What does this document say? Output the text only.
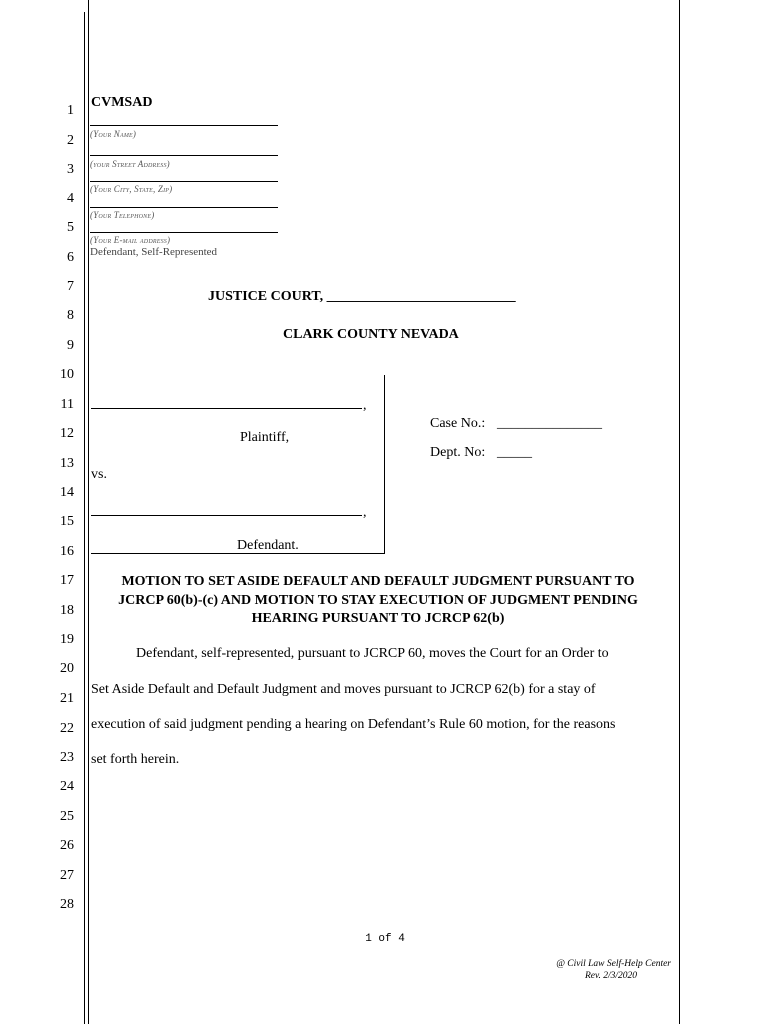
1
2
3
4
5
6
7
8
9
10
11
12
13
14
15
16
17
18
19
20
21
22
23
24
25
26
27
28
CVMSAD
(Your Name)
(your Street Address)
(Your City, State, Zip)
(Your Telephone)
(Your E-mail address)
Defendant, Self-Represented
JUSTICE COURT, ___________________________
CLARK COUNTY NEVADA
,
Plaintiff,
vs.
,
Defendant.
Case No.: _______________
Dept. No: _____
MOTION TO SET ASIDE DEFAULT AND DEFAULT JUDGMENT PURSUANT TO
JCRCP 60(b)-(c) AND MOTION TO STAY EXECUTION OF JUDGMENT PENDING
HEARING PURSUANT TO JCRCP 62(b)
Defendant, self-represented, pursuant to JCRCP 60, moves the Court for an Order to
Set Aside Default and Default Judgment and moves pursuant to JCRCP 62(b) for a stay of
execution of said judgment pending a hearing on Defendant’s Rule 60 motion, for the reasons
set forth herein.
1 of 4
@ Civil Law Self-Help Center
Rev. 2/3/2020
